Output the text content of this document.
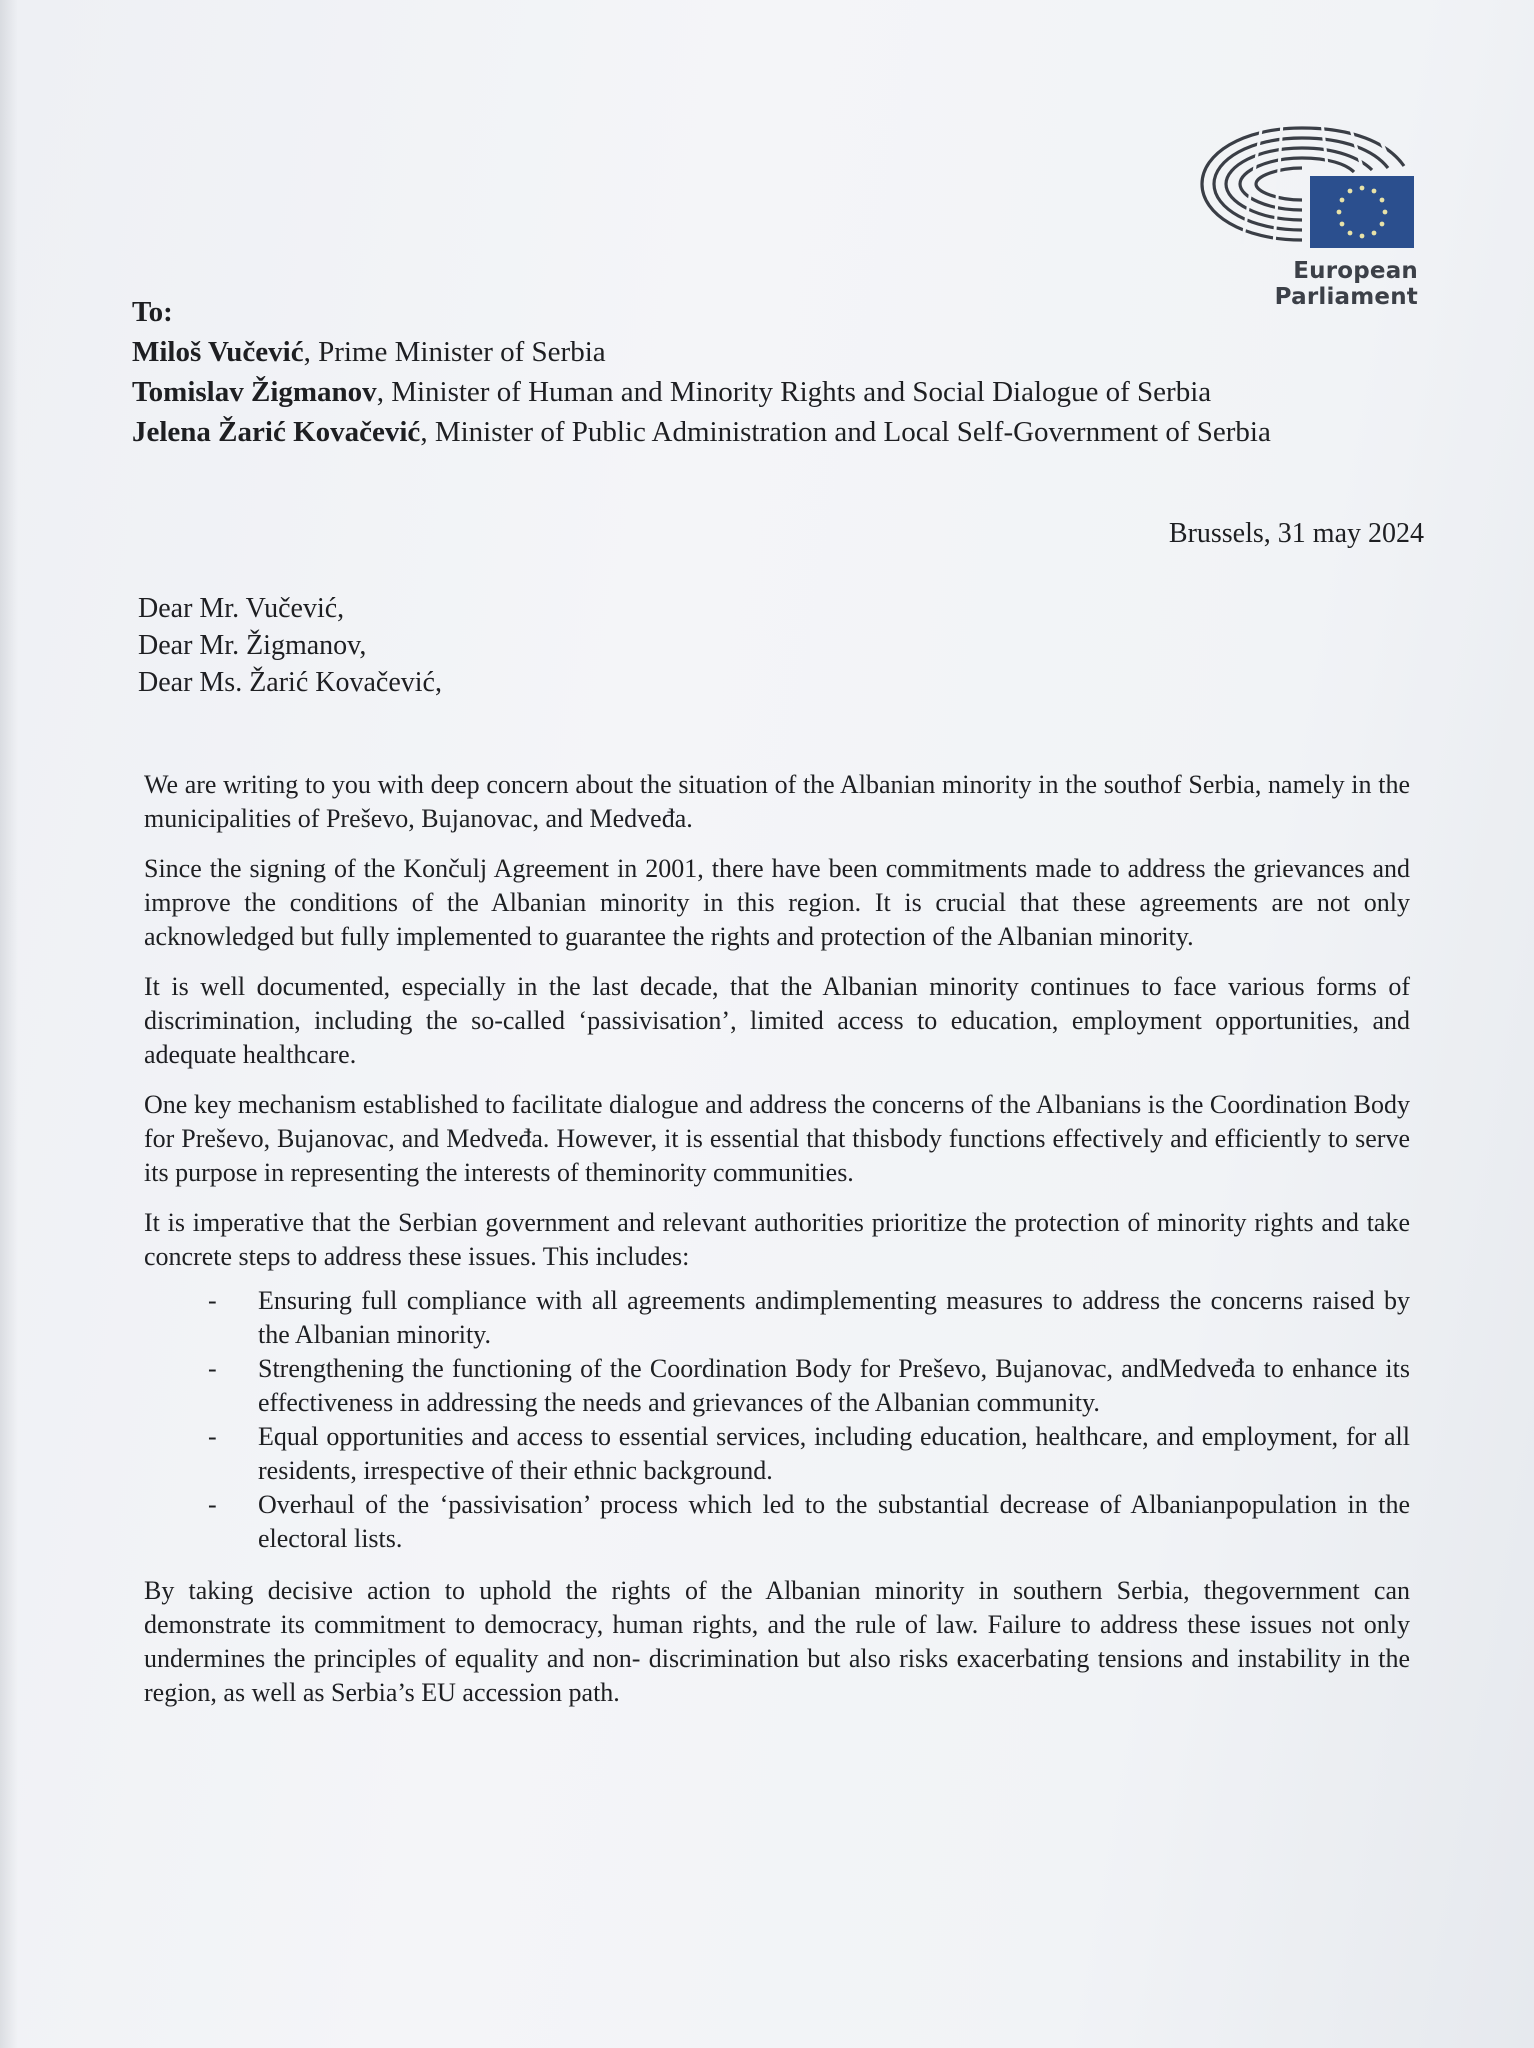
European Parliament
To:
Miloš Vučević, Prime Minister of Serbia
Tomislav Žigmanov, Minister of Human and Minority Rights and Social Dialogue of Serbia
Jelena Žarić Kovačević, Minister of Public Administration and Local Self-Government of Serbia
Brussels, 31 may 2024
Dear Mr. Vučević,
Dear Mr. Žigmanov,
Dear Ms. Žarić Kovačević,

We are writing to you with deep concern about the situation of the Albanian minority in the southof Serbia, namely in the municipalities of Preševo, Bujanovac, and Medveđa.

Since the signing of the Končulj Agreement in 2001, there have been commitments made to address the grievances and improve the conditions of the Albanian minority in this region. It is crucial that these agreements are not only acknowledged but fully implemented to guarantee the rights and protection of the Albanian minority.

It is well documented, especially in the last decade, that the Albanian minority continues to face various forms of discrimination, including the so-called ‘passivisation’, limited access to education, employment opportunities, and adequate healthcare.

One key mechanism established to facilitate dialogue and address the concerns of the Albanians is the Coordination Body for Preševo, Bujanovac, and Medveđa. However, it is essential that thisbody functions effectively and efficiently to serve its purpose in representing the interests of theminority communities.

It is imperative that the Serbian government and relevant authorities prioritize the protection of minority rights and take concrete steps to address these issues. This includes:

- Ensuring full compliance with all agreements andimplementing measures to address the concerns raised by the Albanian minority.
- Strengthening the functioning of the Coordination Body for Preševo, Bujanovac, andMedveđa to enhance its effectiveness in addressing the needs and grievances of the Albanian community.
- Equal opportunities and access to essential services, including education, healthcare, and employment, for all residents, irrespective of their ethnic background.
- Overhaul of the ‘passivisation’ process which led to the substantial decrease of Albanianpopulation in the electoral lists.

By taking decisive action to uphold the rights of the Albanian minority in southern Serbia, thegovernment can demonstrate its commitment to democracy, human rights, and the rule of law. Failure to address these issues not only undermines the principles of equality and non- discrimination but also risks exacerbating tensions and instability in the region, as well as Serbia’s EU accession path.
